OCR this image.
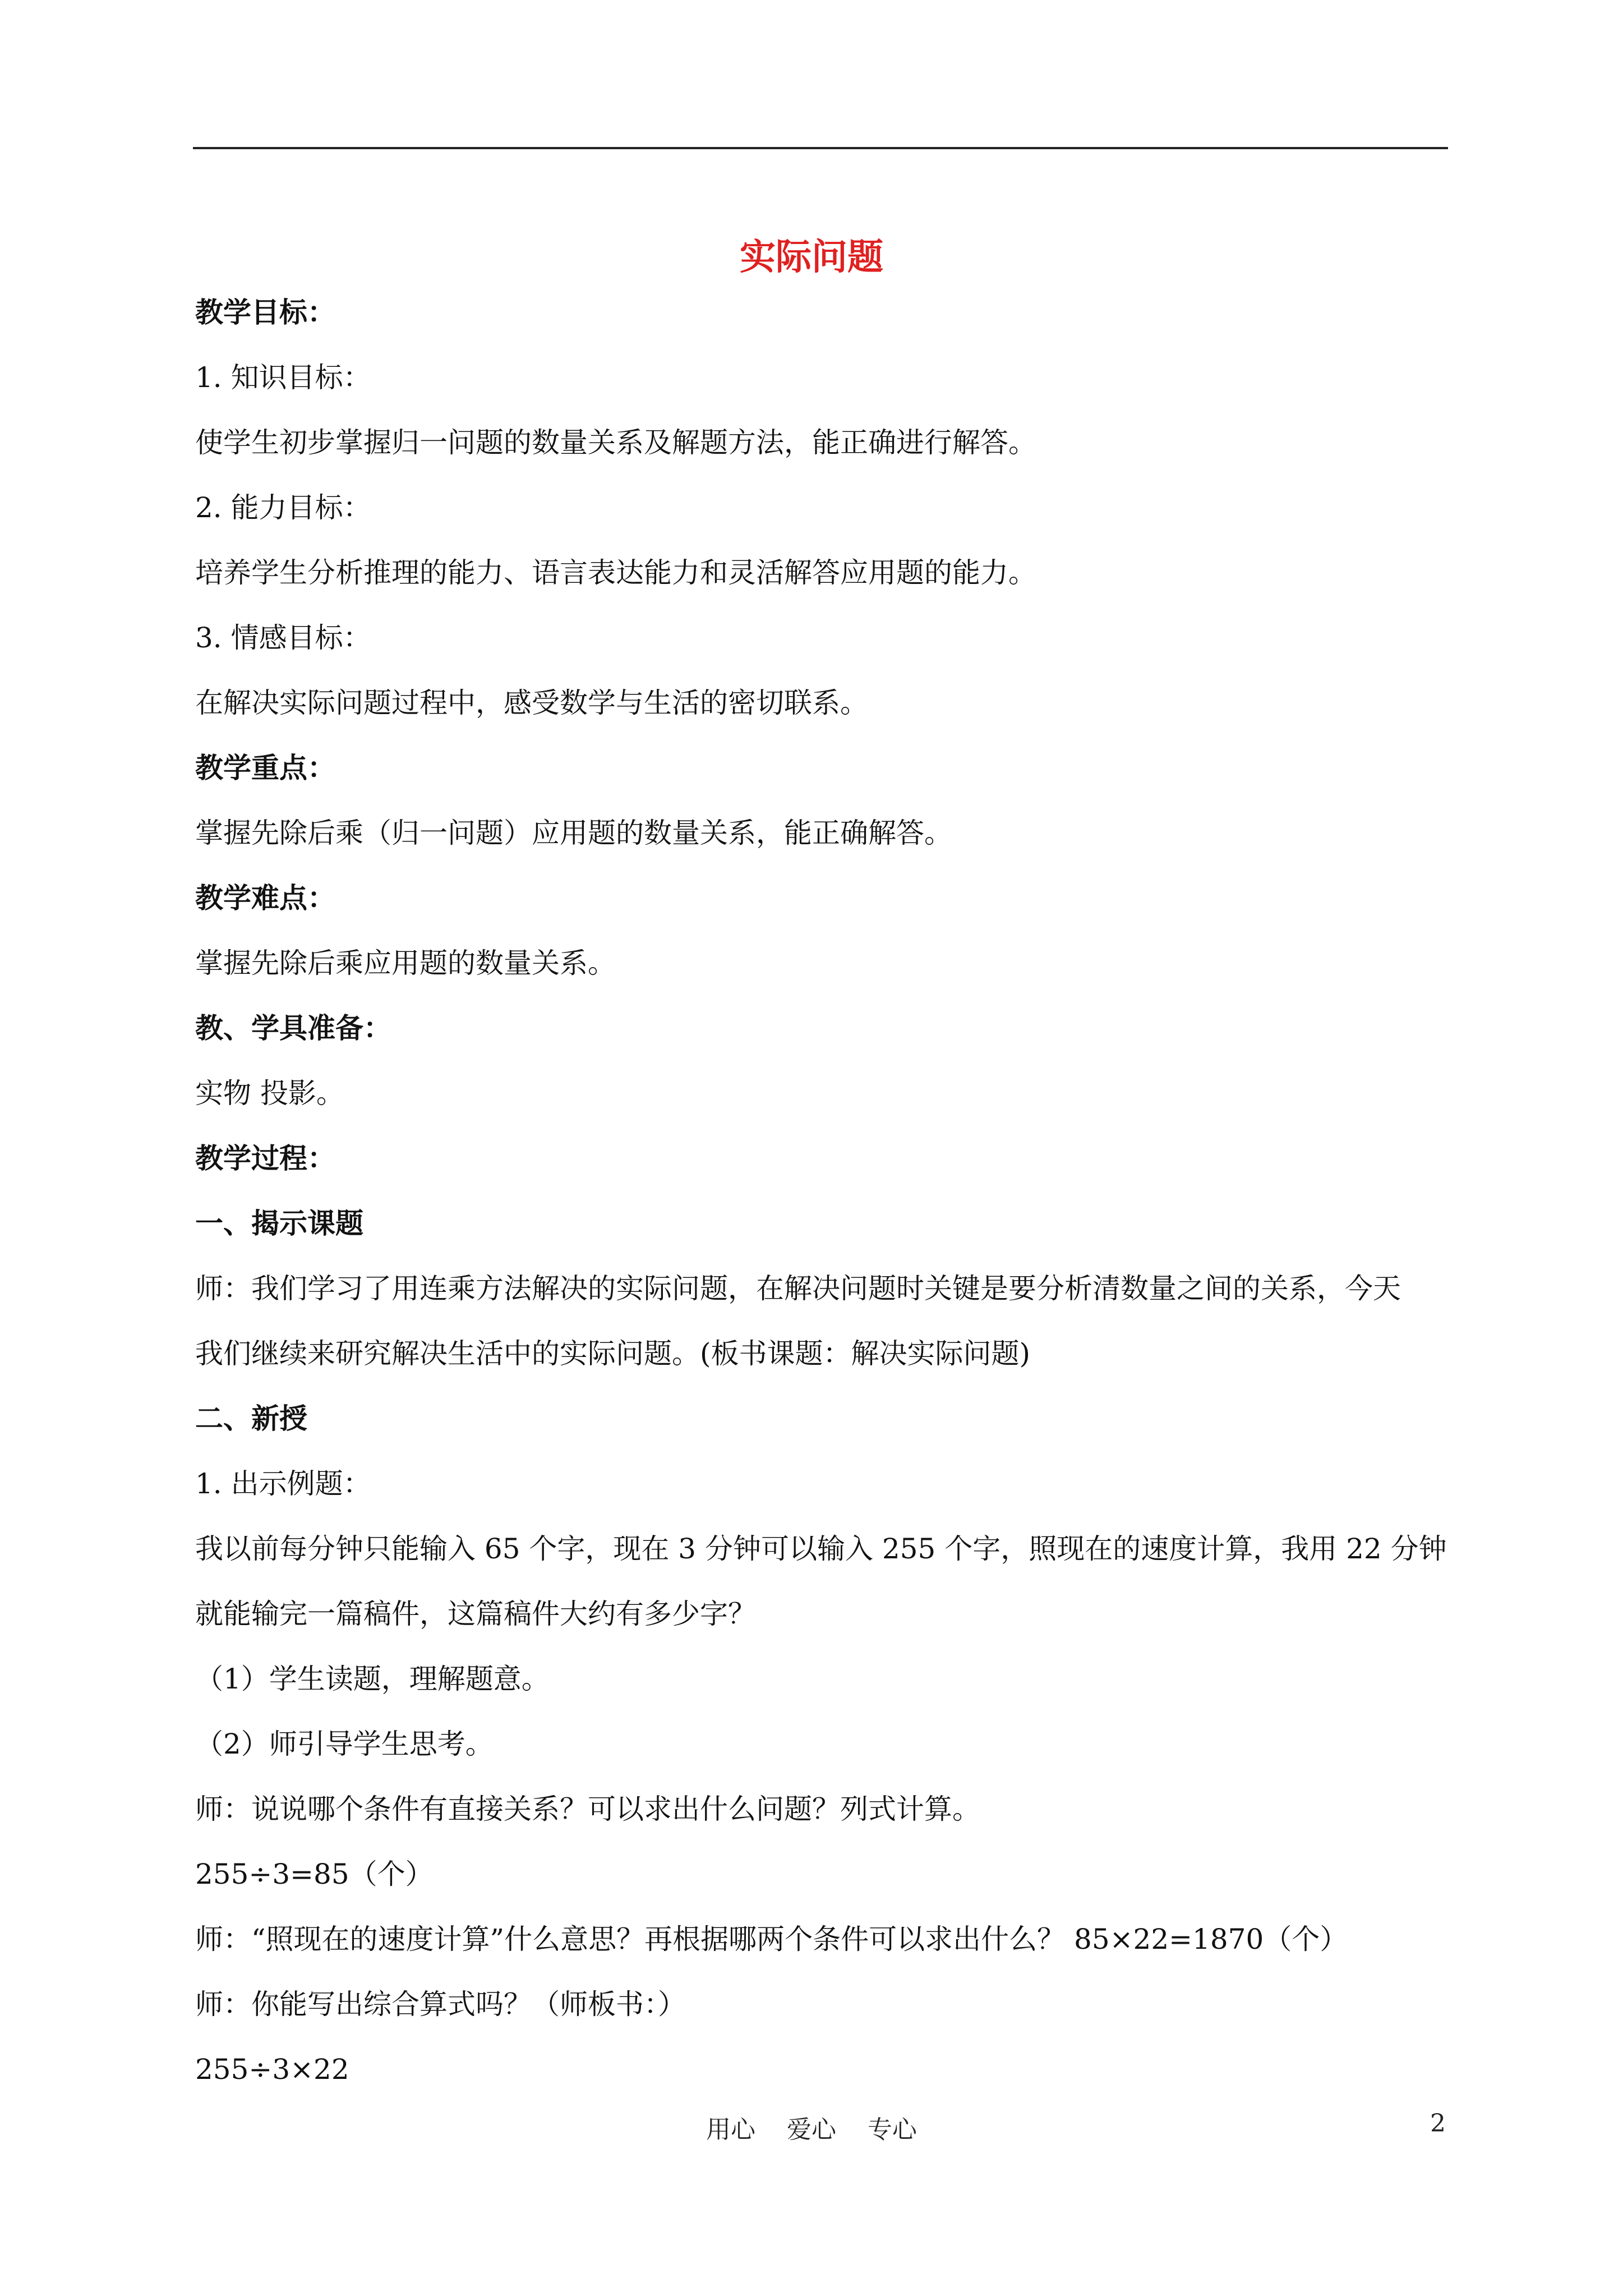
实际问题
教学目标：
1. 知识目标：
使学生初步掌握归一问题的数量关系及解题方法，能正确进行解答。
2. 能力目标：
培养学生分析推理的能力、语言表达能力和灵活解答应用题的能力。
3. 情感目标：
在解决实际问题过程中，感受数学与生活的密切联系。
教学重点：
掌握先除后乘（归一问题）应用题的数量关系，能正确解答。
教学难点：
掌握先除后乘应用题的数量关系。
教、学具准备：
实物 投影。
教学过程：
一、揭示课题
师：我们学习了用连乘方法解决的实际问题，在解决问题时关键是要分析清数量之间的关系，今天
我们继续来研究解决生活中的实际问题。(板书课题：解决实际问题)
二、新授
1. 出示例题：
我以前每分钟只能输入 65 个字，现在 3 分钟可以输入 255 个字，照现在的速度计算，我用 22 分钟
就能输完一篇稿件，这篇稿件大约有多少字？
（1）学生读题，理解题意。
（2）师引导学生思考。
师：说说哪个条件有直接关系？可以求出什么问题？列式计算。
255÷3=85（个）
师：“照现在的速度计算”什么意思？再根据哪两个条件可以求出什么？ 85×22=1870（个）
师：你能写出综合算式吗？（师板书：）
255÷3×22
用心    爱心    专心	2
